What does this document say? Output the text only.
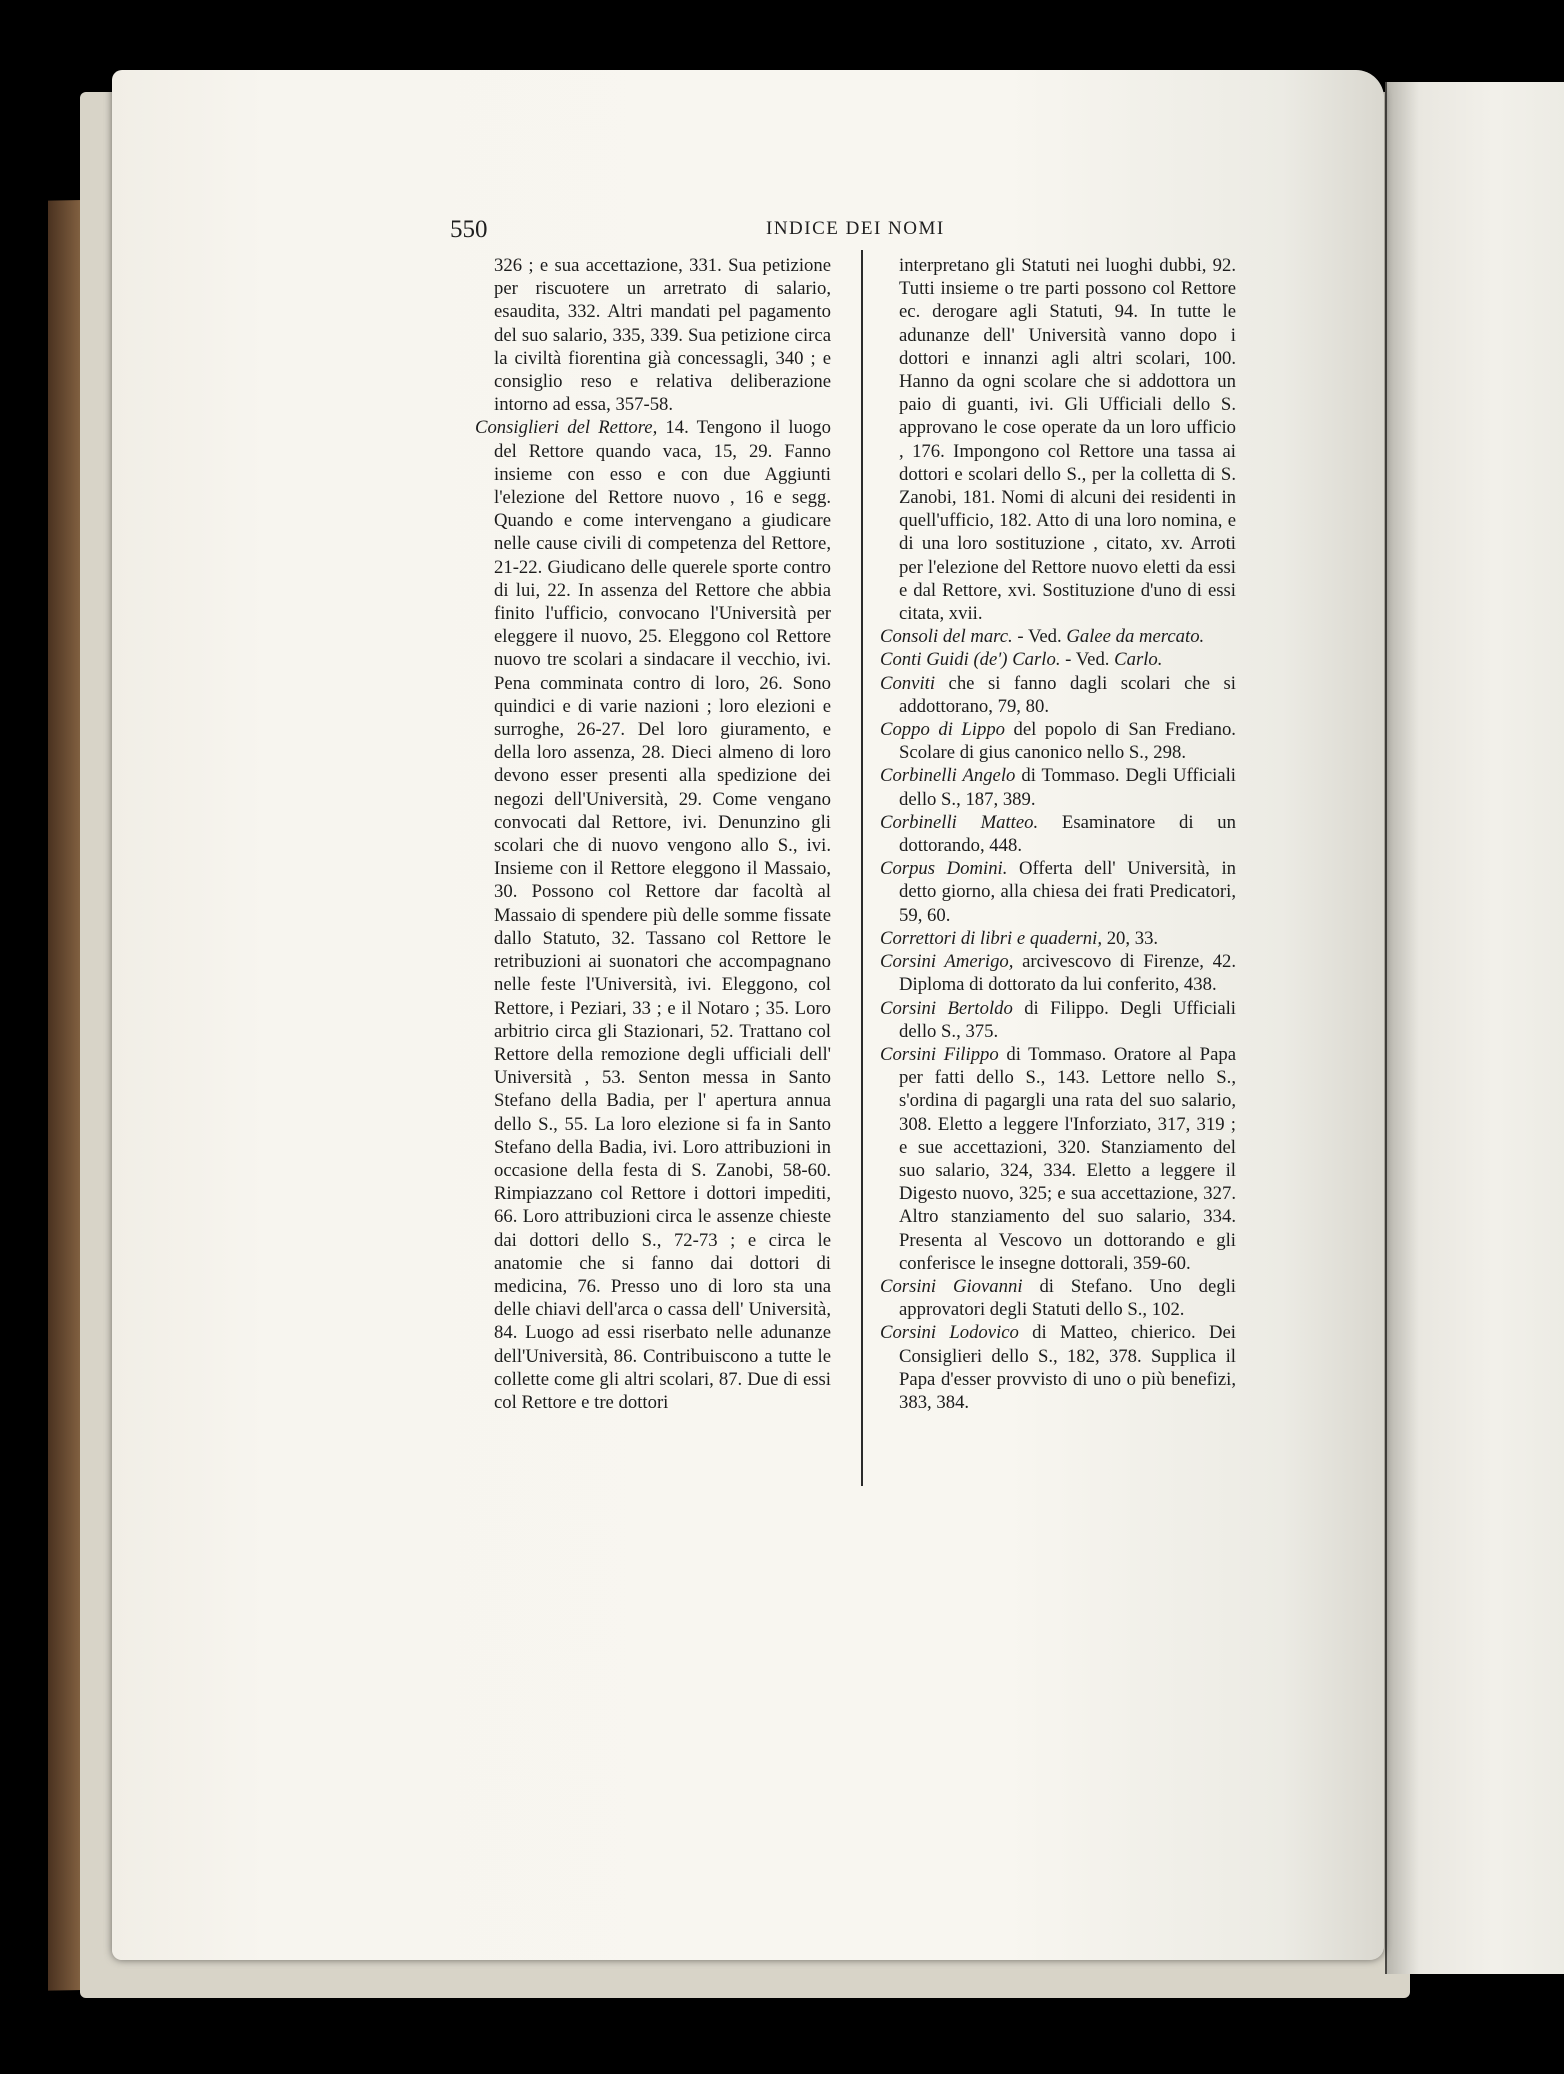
550	INDICE DEI NOMI

326 ; e sua accettazione, 331. Sua petizione per riscuotere un arretrato di salario, esaudita, 332. Altri mandati pel pagamento del suo salario, 335, 339. Sua petizione circa la civiltà fiorentina già concessagli, 340 ; e consiglio reso e relativa deliberazione intorno ad essa, 357-58.

Consiglieri del Rettore, 14. Tengono il luogo del Rettore quando vaca, 15, 29. Fanno insieme con esso e con due Aggiunti l'elezione del Rettore nuovo , 16 e segg. Quando e come intervengano a giudicare nelle cause civili di competenza del Rettore, 21-22. Giudicano delle querele sporte contro di lui, 22. In assenza del Rettore che abbia finito l'ufficio, convocano l'Università per eleggere il nuovo, 25. Eleggono col Rettore nuovo tre scolari a sindacare il vecchio, ivi. Pena comminata contro di loro, 26. Sono quindici e di varie nazioni ; loro elezioni e surroghe, 26-27. Del loro giuramento, e della loro assenza, 28. Dieci almeno di loro devono esser presenti alla spedizione dei negozi dell'Università, 29. Come vengano convocati dal Rettore, ivi. Denunzino gli scolari che di nuovo vengono allo S., ivi. Insieme con il Rettore eleggono il Massaio, 30. Possono col Rettore dar facoltà al Massaio di spendere più delle somme fissate dallo Statuto, 32. Tassano col Rettore le retribuzioni ai suonatori che accompagnano nelle feste l'Università, ivi. Eleggono, col Rettore, i Peziari, 33 ; e il Notaro ; 35. Loro arbitrio circa gli Stazionari, 52. Trattano col Rettore della remozione degli ufficiali dell' Università , 53. Senton messa in Santo Stefano della Badia, per l' apertura annua dello S., 55. La loro elezione si fa in Santo Stefano della Badia, ivi. Loro attribuzioni in occasione della festa di S. Zanobi, 58-60. Rimpiazzano col Rettore i dottori impediti, 66. Loro attribuzioni circa le assenze chieste dai dottori dello S., 72-73 ; e circa le anatomie che si fanno dai dottori di medicina, 76. Presso uno di loro sta una delle chiavi dell'arca o cassa dell' Università, 84. Luogo ad essi riserbato nelle adunanze dell'Università, 86. Contribuiscono a tutte le collette come gli altri scolari, 87. Due di essi col Rettore e tre dottori

interpretano gli Statuti nei luoghi dubbi, 92. Tutti insieme o tre parti possono col Rettore ec. derogare agli Statuti, 94. In tutte le adunanze dell' Università vanno dopo i dottori e innanzi agli altri scolari, 100. Hanno da ogni scolare che si addottora un paio di guanti, ivi. Gli Ufficiali dello S. approvano le cose operate da un loro ufficio , 176. Impongono col Rettore una tassa ai dottori e scolari dello S., per la colletta di S. Zanobi, 181. Nomi di alcuni dei residenti in quell'ufficio, 182. Atto di una loro nomina, e di una loro sostituzione , citato, xv. Arroti per l'elezione del Rettore nuovo eletti da essi e dal Rettore, xvi. Sostituzione d'uno di essi citata, xvii.

Consoli del marc. - Ved. Galee da mercato.

Conti Guidi (de') Carlo. - Ved. Carlo.

Conviti che si fanno dagli scolari che si addottorano, 79, 80.

Coppo di Lippo del popolo di San Frediano. Scolare di gius canonico nello S., 298.

Corbinelli Angelo di Tommaso. Degli Ufficiali dello S., 187, 389.

Corbinelli Matteo. Esaminatore di un dottorando, 448.

Corpus Domini. Offerta dell' Università, in detto giorno, alla chiesa dei frati Predicatori, 59, 60.

Correttori di libri e quaderni, 20, 33.

Corsini Amerigo, arcivescovo di Firenze, 42. Diploma di dottorato da lui conferito, 438.

Corsini Bertoldo di Filippo. Degli Ufficiali dello S., 375.

Corsini Filippo di Tommaso. Oratore al Papa per fatti dello S., 143. Lettore nello S., s'ordina di pagargli una rata del suo salario, 308. Eletto a leggere l'Inforziato, 317, 319 ; e sue accettazioni, 320. Stanziamento del suo salario, 324, 334. Eletto a leggere il Digesto nuovo, 325; e sua accettazione, 327. Altro stanziamento del suo salario, 334. Presenta al Vescovo un dottorando e gli conferisce le insegne dottorali, 359-60.

Corsini Giovanni di Stefano. Uno degli approvatori degli Statuti dello S., 102.

Corsini Lodovico di Matteo, chierico. Dei Consiglieri dello S., 182, 378. Supplica il Papa d'esser provvisto di uno o più benefizi, 383, 384.
